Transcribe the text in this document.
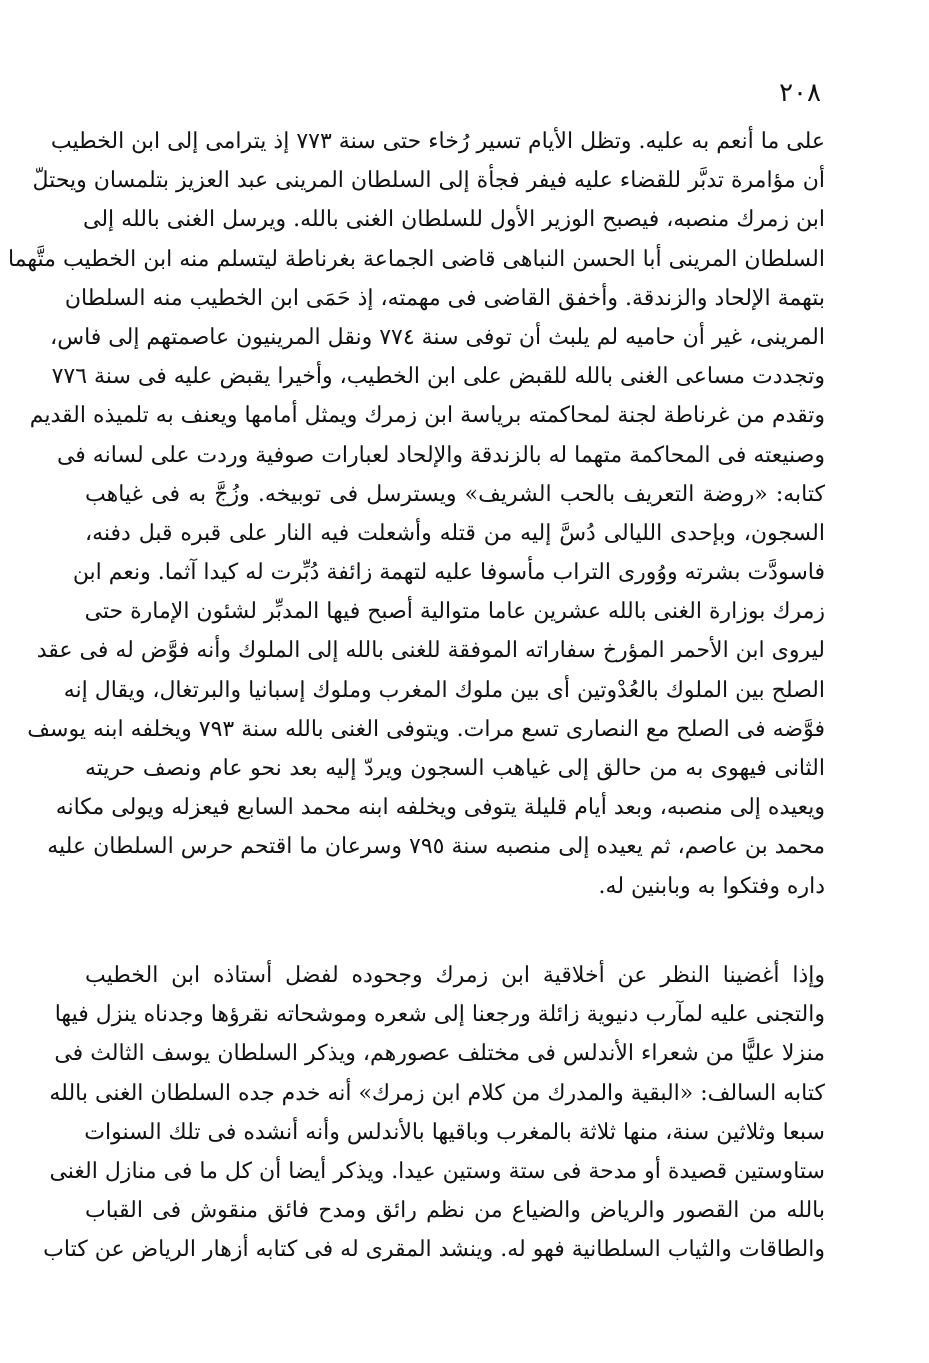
٢٠٨
على ما أنعم به عليه. وتظل الأيام تسير رُخاء حتى سنة ٧٧٣ إذ يترامى إلى ابن الخطيب
أن مؤامرة تدبَّر للقضاء عليه فيفر فجأة إلى السلطان المرينى عبد العزيز بتلمسان ويحتلّ
ابن زمرك منصبه، فيصبح الوزير الأول للسلطان الغنى بالله. ويرسل الغنى بالله إلى
السلطان المرينى أبا الحسن النباهى قاضى الجماعة بغرناطة ليتسلم منه ابن الخطيب متَّهما
بتهمة الإلحاد والزندقة. وأخفق القاضى فى مهمته، إذ حَمَى ابن الخطيب منه السلطان
المرينى، غير أن حاميه لم يلبث أن توفى سنة ٧٧٤ ونقل المرينيون عاصمتهم إلى فاس،
وتجددت مساعى الغنى بالله للقبض على ابن الخطيب، وأخيرا يقبض عليه فى سنة ٧٧٦
وتقدم من غرناطة لجنة لمحاكمته برياسة ابن زمرك ويمثل أمامها ويعنف به تلميذه القديم
وصنيعته فى المحاكمة متهما له بالزندقة والإلحاد لعبارات صوفية وردت على لسانه فى
كتابه: «روضة التعريف بالحب الشريف» ويسترسل فى توبيخه. وزُجَّ به فى غياهب
السجون، وبإحدى الليالى دُسَّ إليه من قتله وأشعلت فيه النار على قبره قبل دفنه،
فاسودَّت بشرته ووُورى التراب مأسوفا عليه لتهمة زائفة دُبِّرت له كيدا آثما. ونعم ابن
زمرك بوزارة الغنى بالله عشرين عاما متوالية أصبح فيها المدبِّر لشئون الإمارة حتى
ليروى ابن الأحمر المؤرخ سفاراته الموفقة للغنى بالله إلى الملوك وأنه فوَّض له فى عقد
الصلح بين الملوك بالعُدْوتين أى بين ملوك المغرب وملوك إسبانيا والبرتغال، ويقال إنه
فوَّضه فى الصلح مع النصارى تسع مرات. ويتوفى الغنى بالله سنة ٧٩٣ ويخلفه ابنه يوسف
الثانى فيهوى به من حالق إلى غياهب السجون ويردّ إليه بعد نحو عام ونصف حريته
ويعيده إلى منصبه، وبعد أيام قليلة يتوفى ويخلفه ابنه محمد السابع فيعزله ويولى مكانه
محمد بن عاصم، ثم يعيده إلى منصبه سنة ٧٩٥ وسرعان ما اقتحم حرس السلطان عليه
داره وفتكوا به وبابنين له.
وإذا أغضينا النظر عن أخلاقية ابن زمرك وجحوده لفضل أستاذه ابن الخطيب
والتجنى عليه لمآرب دنيوية زائلة ورجعنا إلى شعره وموشحاته نقرؤها وجدناه ينزل فيها
منزلا عليًّا من شعراء الأندلس فى مختلف عصورهم، ويذكر السلطان يوسف الثالث فى
كتابه السالف: «البقية والمدرك من كلام ابن زمرك» أنه خدم جده السلطان الغنى بالله
سبعا وثلاثين سنة، منها ثلاثة بالمغرب وباقيها بالأندلس وأنه أنشده فى تلك السنوات
ستاوستين قصيدة أو مدحة فى ستة وستين عيدا. ويذكر أيضا أن كل ما فى منازل الغنى
بالله من القصور والرياض والضياع من نظم رائق ومدح فائق منقوش فى القباب
والطاقات والثياب السلطانية فهو له. وينشد المقرى له فى كتابه أزهار الرياض عن كتاب
